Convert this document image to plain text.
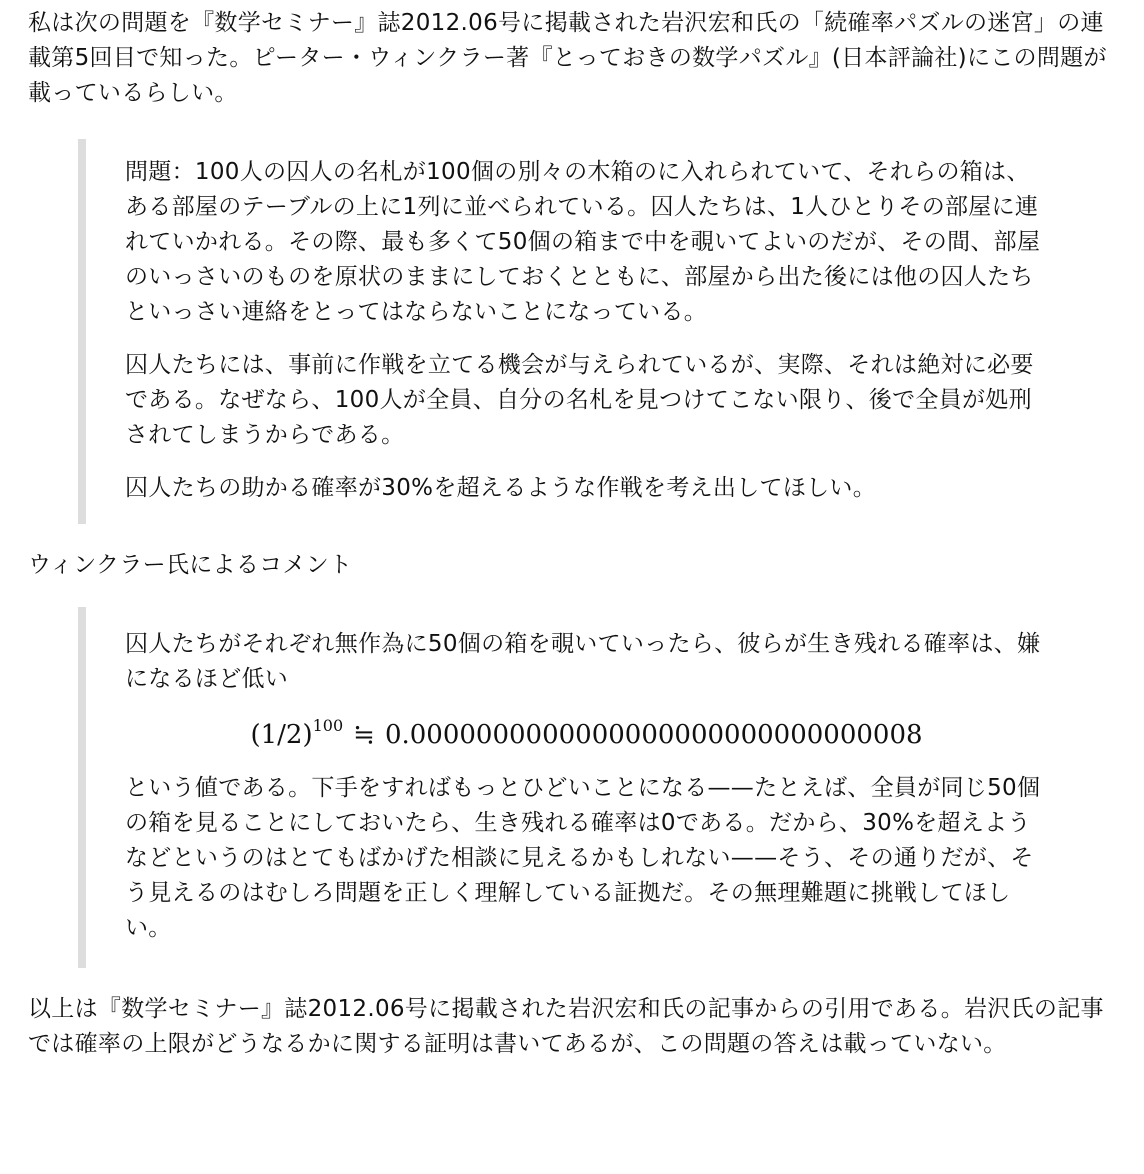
私は次の問題を『数学セミナー』誌2012.06号に掲載された岩沢宏和氏の「続確率パズルの迷宮」の連載第5回目で知った。ピーター・ウィンクラー著『とっておきの数学パズル』(日本評論社)にこの問題が載っているらしい。

問題：100人の囚人の名札が100個の別々の木箱のに入れられていて、それらの箱は、ある部屋のテーブルの上に1列に並べられている。囚人たちは、1人ひとりその部屋に連れていかれる。その際、最も多くて50個の箱まで中を覗いてよいのだが、その間、部屋のいっさいのものを原状のままにしておくとともに、部屋から出た後には他の囚人たちといっさい連絡をとってはならないことになっている。

囚人たちには、事前に作戦を立てる機会が与えられているが、実際、それは絶対に必要である。なぜなら、100人が全員、自分の名札を見つけてこない限り、後で全員が処刑されてしまうからである。

囚人たちの助かる確率が30%を超えるような作戦を考え出してほしい。

ウィンクラー氏によるコメント

囚人たちがそれぞれ無作為に50個の箱を覗いていったら、彼らが生き残れる確率は、嫌になるほど低い

$(1/2)^{100}$ ≒ 0.0000000000000000000000000000008

という値である。下手をすればもっとひどいことになる——たとえば、全員が同じ50個の箱を見ることにしておいたら、生き残れる確率は0である。だから、30%を超えようなどというのはとてもばかげた相談に見えるかもしれない——そう、その通りだが、そう見えるのはむしろ問題を正しく理解している証拠だ。その無理難題に挑戦してほしい。

以上は『数学セミナー』誌2012.06号に掲載された岩沢宏和氏の記事からの引用である。岩沢氏の記事では確率の上限がどうなるかに関する証明は書いてあるが、この問題の答えは載っていない。
